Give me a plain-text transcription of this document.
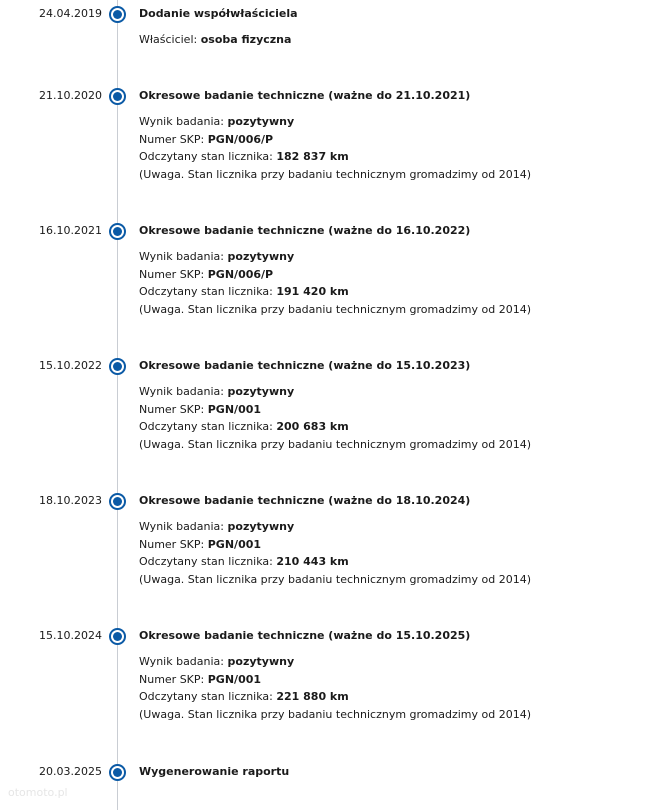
24.04.2019	Dodanie współwłaściciela
Właściciel: osoba fizyczna
21.10.2020	Okresowe badanie techniczne (ważne do 21.10.2021)
Wynik badania: pozytywny
Numer SKP: PGN/006/P
Odczytany stan licznika: 182 837 km
(Uwaga. Stan licznika przy badaniu technicznym gromadzimy od 2014)
16.10.2021	Okresowe badanie techniczne (ważne do 16.10.2022)
Wynik badania: pozytywny
Numer SKP: PGN/006/P
Odczytany stan licznika: 191 420 km
(Uwaga. Stan licznika przy badaniu technicznym gromadzimy od 2014)
15.10.2022	Okresowe badanie techniczne (ważne do 15.10.2023)
Wynik badania: pozytywny
Numer SKP: PGN/001
Odczytany stan licznika: 200 683 km
(Uwaga. Stan licznika przy badaniu technicznym gromadzimy od 2014)
18.10.2023	Okresowe badanie techniczne (ważne do 18.10.2024)
Wynik badania: pozytywny
Numer SKP: PGN/001
Odczytany stan licznika: 210 443 km
(Uwaga. Stan licznika przy badaniu technicznym gromadzimy od 2014)
15.10.2024	Okresowe badanie techniczne (ważne do 15.10.2025)
Wynik badania: pozytywny
Numer SKP: PGN/001
Odczytany stan licznika: 221 880 km
(Uwaga. Stan licznika przy badaniu technicznym gromadzimy od 2014)
20.03.2025	Wygenerowanie raportu
otomoto.pl
